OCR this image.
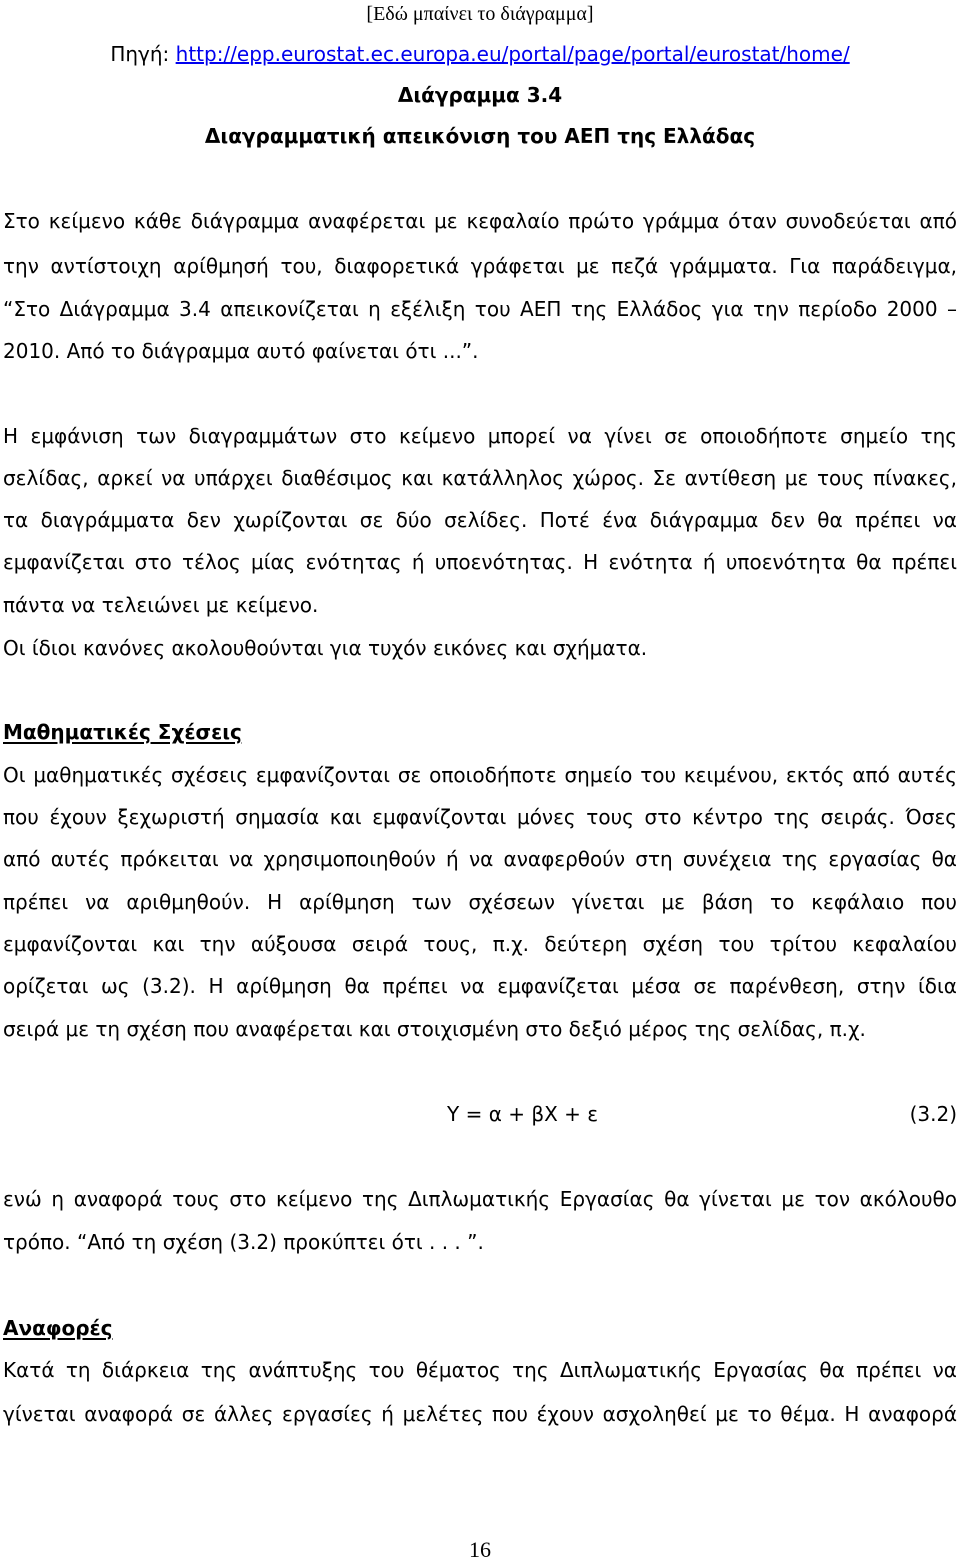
[Εδώ μπαίνει το διάγραμμα]
Πηγή: http://epp.eurostat.ec.europa.eu/portal/page/portal/eurostat/home/
Διάγραμμα 3.4
Διαγραμματική απεικόνιση του ΑΕΠ της Ελλάδας
Στο κείμενο κάθε διάγραμμα αναφέρεται με κεφαλαίο πρώτο γράμμα όταν συνοδεύεται από
την αντίστοιχη αρίθμησή του, διαφορετικά γράφεται με πεζά γράμματα. Για παράδειγμα,
“Στο Διάγραμμα 3.4 απεικονίζεται η εξέλιξη του ΑΕΠ της Ελλάδος για την περίοδο 2000 –
2010. Από το διάγραμμα αυτό φαίνεται ότι ...”.
Η εμφάνιση των διαγραμμάτων στο κείμενο μπορεί να γίνει σε οποιοδήποτε σημείο της
σελίδας, αρκεί να υπάρχει διαθέσιμος και κατάλληλος χώρος. Σε αντίθεση με τους πίνακες,
τα διαγράμματα δεν χωρίζονται σε δύο σελίδες. Ποτέ ένα διάγραμμα δεν θα πρέπει να
εμφανίζεται στο τέλος μίας ενότητας ή υποενότητας. Η ενότητα ή υποενότητα θα πρέπει
πάντα να τελειώνει με κείμενο.
Οι ίδιοι κανόνες ακολουθούνται για τυχόν εικόνες και σχήματα.
Μαθηματικές Σχέσεις
Οι μαθηματικές σχέσεις εμφανίζονται σε οποιοδήποτε σημείο του κειμένου, εκτός από αυτές
που έχουν ξεχωριστή σημασία και εμφανίζονται μόνες τους στο κέντρο της σειράς. Όσες
από αυτές πρόκειται να χρησιμοποιηθούν ή να αναφερθούν στη συνέχεια της εργασίας θα
πρέπει να αριθμηθούν. Η αρίθμηση των σχέσεων γίνεται με βάση το κεφάλαιο που
εμφανίζονται και την αύξουσα σειρά τους, π.χ. δεύτερη σχέση του τρίτου κεφαλαίου
ορίζεται ως (3.2). Η αρίθμηση θα πρέπει να εμφανίζεται μέσα σε παρένθεση, στην ίδια
σειρά με τη σχέση που αναφέρεται και στοιχισμένη στο δεξιό μέρος της σελίδας, π.χ.
Υ = α + βΧ + ε	(3.2)
ενώ η αναφορά τους στο κείμενο της Διπλωματικής Εργασίας θα γίνεται με τον ακόλουθο
τρόπο. “Από τη σχέση (3.2) προκύπτει ότι . . . ”.
Αναφορές
Κατά τη διάρκεια της ανάπτυξης του θέματος της Διπλωματικής Εργασίας θα πρέπει να
γίνεται αναφορά σε άλλες εργασίες ή μελέτες που έχουν ασχοληθεί με το θέμα. Η αναφορά
16
